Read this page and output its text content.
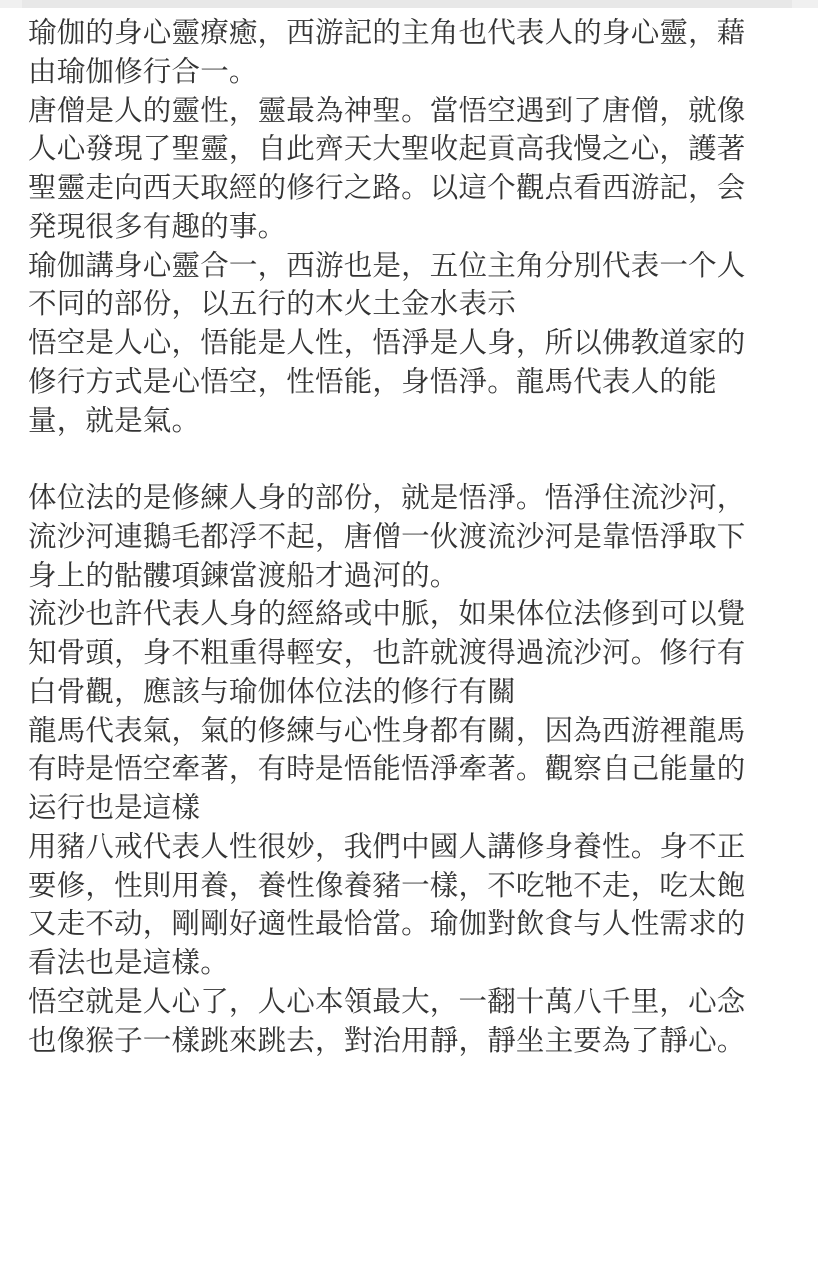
瑜伽的身心靈療癒，西游記的主角也代表人的身心靈，藉
由瑜伽修行合一。
唐僧是人的靈性，靈最為神聖。當悟空遇到了唐僧，就像
人心發現了聖靈，自此齊天大聖收起貢高我慢之心，護著
聖靈走向西天取經的修行之路。以這个觀点看西游記，会
発現很多有趣的事。
瑜伽講身心靈合一，西游也是，五位主角分別代表一个人
不同的部份，以五行的木火土金水表示
悟空是人心，悟能是人性，悟淨是人身，所以佛教道家的
修行方式是心悟空，性悟能，身悟淨。龍馬代表人的能
量，就是氣。
体位法的是修練人身的部份，就是悟淨。悟淨住流沙河，
流沙河連鵝毛都浮不起，唐僧一伙渡流沙河是靠悟淨取下
身上的骷髏項鍊當渡船才過河的。
流沙也許代表人身的經絡或中脈，如果体位法修到可以覺
知骨頭，身不粗重得輕安，也許就渡得過流沙河。修行有
白骨觀，應該与瑜伽体位法的修行有關
龍馬代表氣，氣的修練与心性身都有關，因為西游裡龍馬
有時是悟空牽著，有時是悟能悟淨牽著。觀察自己能量的
运行也是這樣
用豬八戒代表人性很妙，我們中國人講修身養性。身不正
要修，性則用養，養性像養豬一樣，不吃牠不走，吃太飽
又走不动，剛剛好適性最恰當。瑜伽對飲食与人性需求的
看法也是這樣。
悟空就是人心了，人心本領最大，一翻十萬八千里，心念
也像猴子一樣跳來跳去，對治用靜，靜坐主要為了靜心。
